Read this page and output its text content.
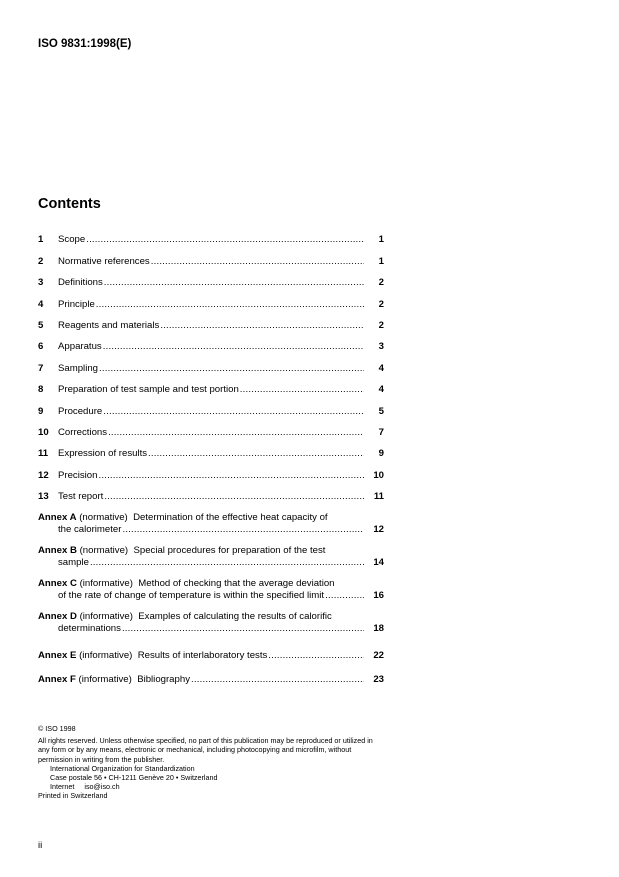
ISO 9831:1998(E)
Contents
1	Scope .....	1
2	Normative references .....	1
3	Definitions .....	2
4	Principle .....	2
5	Reagents and materials .....	2
6	Apparatus .....	3
7	Sampling .....	4
8	Preparation of test sample and test portion .....	4
9	Procedure .....	5
10 Corrections .....	7
11	Expression of results .....	9
12 Precision .....	10
13 Test report .....	11
Annex A (normative) Determination of the effective heat capacity of
the calorimeter .....	12
Annex B (normative) Special procedures for preparation of the test
sample .....	14
Annex C (informative) Method of checking that the average deviation
of the rate of change of temperature is within the specified limit .....	16
Annex D (informative) Examples of calculating the results of calorific
determinations .....	18
Annex E (informative) Results of interlaboratory tests .....	22
Annex F (informative) Bibliography .....	23
© ISO 1998
All rights reserved. Unless otherwise specified, no part of this publication may be reproduced or utilized in any form or by any means, electronic or mechanical, including photocopying and microfilm, without permission in writing from the publisher.
International Organization for Standardization
Case postale 56 • CH-1211 Genève 20 • Switzerland
Internet     iso@iso.ch
Printed in Switzerland
ii
